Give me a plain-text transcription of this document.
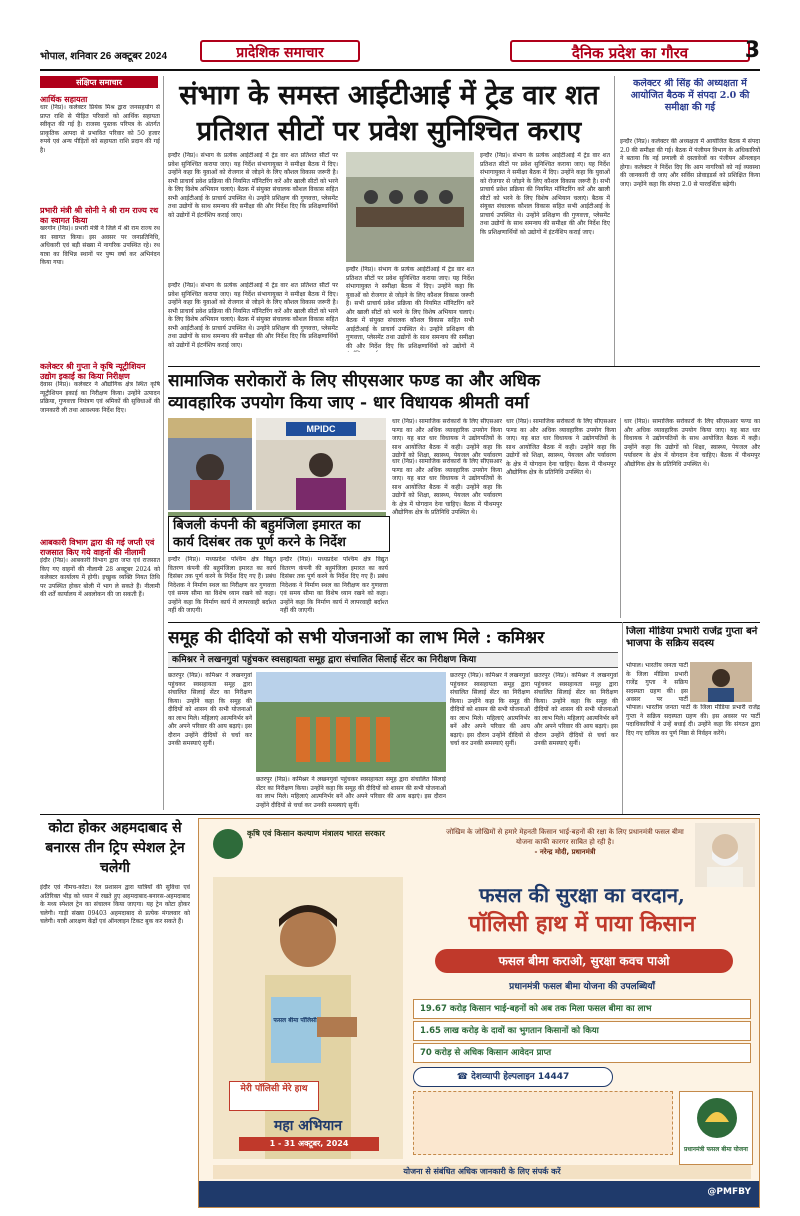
भोपाल, शनिवार 26 अक्टूबर 2024	प्रादेशिक समाचार	दैनिक प्रदेश का गौरव	3
संक्षिप्त समाचार
आर्थिक सहायता
धार (निप्र)। कलेक्टर प्रियंक मिश्र द्वारा जनसहयोग से प्राप्त राशि से पीड़ित परिवारों को आर्थिक सहायता स्वीकृत की गई है। राजस्व पुस्तक परिपत्र के अंतर्गत प्राकृतिक आपदा से प्रभावित परिवार को 50 हजार रुपये एवं अन्य पीड़ितों को सहायता राशि प्रदान की गई है।
प्रभारी मंत्री श्री सोनी ने श्री राम राज्य रथ का स्वागत किया
खरगोन (निप्र)। प्रभारी मंत्री ने जिले में श्री राम राज्य रथ का स्वागत किया। इस अवसर पर जनप्रतिनिधि, अधिकारी एवं बड़ी संख्या में नागरिक उपस्थित रहे। रथ यात्रा का विभिन्न स्थानों पर पुष्प वर्षा कर अभिनंदन किया गया।
कलेक्टर श्री गुप्ता ने कृषि न्यूट्रीशियन उद्योग इकाई का किया निरीक्षण
देवास (निप्र)। कलेक्टर ने औद्योगिक क्षेत्र स्थित कृषि न्यूट्रीशियन इकाई का निरीक्षण किया। उन्होंने उत्पादन प्रक्रिया, गुणवत्ता नियंत्रण एवं श्रमिकों की सुविधाओं की जानकारी ली तथा आवश्यक निर्देश दिए।
आबकारी विभाग द्वारा की गई जप्ती एवं राजसात किए गये वाहनों की नीलामी
इंदौर (निप्र)। आबकारी विभाग द्वारा जप्त एवं राजसात किए गए वाहनों की नीलामी 28 अक्टूबर 2024 को कलेक्टर कार्यालय में होगी। इच्छुक व्यक्ति नियत तिथि पर उपस्थित होकर बोली में भाग ले सकते हैं। नीलामी की शर्तें कार्यालय में अवलोकन की जा सकती हैं।
संभाग के समस्त आईटीआई में ट्रेड वार शत
प्रतिशत सीटों पर प्रवेश सुनिश्चित कराए
इन्दौर (निप्र)। संभाग के प्रत्येक आईटीआई में ट्रेड वार शत प्रतिशत सीटों पर प्रवेश सुनिश्चित कराया जाए। यह निर्देश संभागायुक्त ने समीक्षा बैठक में दिए। उन्होंने कहा कि युवाओं को रोजगार से जोड़ने के लिए कौशल विकास जरूरी है। सभी प्राचार्य प्रवेश प्रक्रिया की नियमित मॉनिटरिंग करें और खाली सीटों को भरने के लिए विशेष अभियान चलाएं। बैठक में संयुक्त संचालक कौशल विकास सहित सभी आईटीआई के प्राचार्य उपस्थित थे। उन्होंने प्रशिक्षण की गुणवत्ता, प्लेसमेंट तथा उद्योगों के साथ समन्वय की समीक्षा की और निर्देश दिए कि प्रशिक्षणार्थियों को उद्योगों में इंटर्नशिप कराई जाए।
इन्दौर (निप्र)। संभाग के प्रत्येक आईटीआई में ट्रेड वार शत प्रतिशत सीटों पर प्रवेश सुनिश्चित कराया जाए। यह निर्देश संभागायुक्त ने समीक्षा बैठक में दिए। उन्होंने कहा कि युवाओं को रोजगार से जोड़ने के लिए कौशल विकास जरूरी है। सभी प्राचार्य प्रवेश प्रक्रिया की नियमित मॉनिटरिंग करें और खाली सीटों को भरने के लिए विशेष अभियान चलाएं। बैठक में संयुक्त संचालक कौशल विकास सहित सभी आईटीआई के प्राचार्य उपस्थित थे। उन्होंने प्रशिक्षण की गुणवत्ता, प्लेसमेंट तथा उद्योगों के साथ समन्वय की समीक्षा की और निर्देश दिए कि प्रशिक्षणार्थियों को उद्योगों में
इन्दौर (निप्र)। संभाग के प्रत्येक आईटीआई में ट्रेड वार शत प्रतिशत सीटों पर प्रवेश सुनिश्चित कराया जाए। यह निर्देश संभागायुक्त ने समीक्षा बैठक में दिए। उन्होंने कहा कि युवाओं को रोजगार से जोड़ने के लिए कौशल विकास जरूरी है। सभी प्राचार्य प्रवेश प्रक्रिया की नियमित मॉनिटरिंग करें और खाली सीटों को भरने के लिए विशेष अभियान चलाएं। बैठक में संयुक्त संचालक कौशल विकास सहित सभी आईटीआई के प्राचार्य उपस्थित थे। उन्होंने प्रशिक्षण की गुणवत्ता, प्लेसमेंट तथा उद्योगों के साथ समन्वय की समीक्षा की और निर्देश दिए कि प्रशिक्षणार्थियों को उद्योगों में इंटर्नशिप कराई जाए।
इन्दौर (निप्र)। संभाग के प्रत्येक आईटीआई में ट्रेड वार शत प्रतिशत सीटों पर प्रवेश सुनिश्चित कराया जाए। यह निर्देश संभागायुक्त ने समीक्षा बैठक में दिए। उन्होंने कहा कि युवाओं को रोजगार से जोड़ने के लिए कौशल विकास जरूरी है। सभी प्राचार्य प्रवेश प्रक्रिया की नियमित मॉनिटरिंग करें और खाली सीटों को भरने के लिए विशेष अभियान चलाएं। बैठक में संयुक्त संचालक कौशल विकास सहित सभी आईटीआई के प्राचार्य उपस्थित थे। उन्होंने प्रशिक्षण की गुणवत्ता, प्लेसमेंट तथा उद्योगों के साथ समन्वय की समीक्षा की और निर्देश दिए कि प्रशिक्षणार्थियों को उद्योगों में इंटर्नशिप कराई जाए।
कलेक्टर श्री सिंह की अध्यक्षता में आयोजित बैठक में संपदा 2.0 की समीक्षा की गई
इन्दौर (निप्र)। कलेक्टर की अध्यक्षता में आयोजित बैठक में संपदा 2.0 की समीक्षा की गई। बैठक में पंजीयन विभाग के अधिकारियों ने बताया कि नई प्रणाली से दस्तावेजों का पंजीयन ऑनलाइन होगा। कलेक्टर ने निर्देश दिए कि आम नागरिकों को नई व्यवस्था की जानकारी दी जाए और सर्विस प्रोवाइडर्स को प्रशिक्षित किया जाए। उन्होंने कहा कि संपदा 2.0 से पारदर्शिता बढ़ेगी।
सामाजिक सरोकारों के लिए सीएसआर फण्ड का और अधिक
व्यावहारिक उपयोग किया जाए - धार विधायक श्रीमती वर्मा
धार (निप्र)। सामाजिक सरोकारों के लिए सीएसआर फण्ड का और अधिक व्यावहारिक उपयोग किया जाए। यह बात धार विधायक ने उद्योगपतियों के साथ आयोजित बैठक में कही। उन्होंने कहा कि उद्योगों को शिक्षा, स्वास्थ्य, पेयजल और पर्यावरण
MPIDC
धार (निप्र)। सामाजिक सरोकारों के लिए सीएसआर फण्ड का और अधिक व्यावहारिक उपयोग किया जाए। यह बात धार विधायक ने उद्योगपतियों के साथ आयोजित बैठक में कही। उन्होंने कहा कि उद्योगों को शिक्षा, स्वास्थ्य, पेयजल और पर्यावरण के क्षेत्र में योगदान देना चाहिए। बैठक में पीथमपुर औद्योगिक क्षेत्र के प्रतिनिधि उपस्थित थे।
धार (निप्र)। सामाजिक सरोकारों के लिए सीएसआर फण्ड का और अधिक व्यावहारिक उपयोग किया जाए। यह बात धार विधायक ने उद्योगपतियों के साथ आयोजित बैठक में कही। उन्होंने कहा कि उद्योगों को शिक्षा, स्वास्थ्य, पेयजल और पर्यावरण के क्षेत्र में योगदान देना चाहिए। बैठक में पीथमपुर औद्योगिक क्षेत्र के प्रतिनिधि उपस्थित थे।
धार (निप्र)। सामाजिक सरोकारों के लिए सीएसआर फण्ड का और अधिक व्यावहारिक उपयोग किया जाए। यह बात धार विधायक ने उद्योगपतियों के साथ आयोजित बैठक में कही। उन्होंने कहा कि उद्योगों को शिक्षा, स्वास्थ्य, पेयजल और पर्यावरण के क्षेत्र में योगदान देना चाहिए। बैठक में पीथमपुर औद्योगिक क्षेत्र के प्रतिनिधि उपस्थित थे।
बिजली कंपनी की बहुमंजिला इमारत का
कार्य दिसंबर तक पूर्ण करने के निर्देश
इन्दौर (निप्र)। मध्यप्रदेश पश्चिम क्षेत्र विद्युत वितरण कंपनी की बहुमंजिला इमारत का कार्य दिसंबर तक पूर्ण करने के निर्देश दिए गए हैं। प्रबंध निदेशक ने निर्माण स्थल का निरीक्षण कर गुणवत्ता एवं समय सीमा का विशेष ध्यान रखने को कहा। उन्होंने कहा कि निर्माण कार्य में लापरवाही बर्दाश्त नहीं की जाएगी।
इन्दौर (निप्र)। मध्यप्रदेश पश्चिम क्षेत्र विद्युत वितरण कंपनी की बहुमंजिला इमारत का कार्य दिसंबर तक पूर्ण करने के निर्देश दिए गए हैं। प्रबंध निदेशक ने निर्माण स्थल का निरीक्षण कर गुणवत्ता एवं समय सीमा का विशेष ध्यान रखने को कहा। उन्होंने कहा कि निर्माण कार्य में लापरवाही बर्दाश्त नहीं की जाएगी।
समूह की दीदियों को सभी योजनाओं का लाभ मिले : कमिश्नर
कमिश्नर ने लखनगुवां पहुंचकर स्वसहायता समूह द्वारा संचालित सिलाई सेंटर का निरीक्षण किया
छतरपुर (निप्र)। कमिश्नर ने लखनगुवां पहुंचकर स्वसहायता समूह द्वारा संचालित सिलाई सेंटर का निरीक्षण किया। उन्होंने कहा कि समूह की दीदियों को शासन की सभी योजनाओं का लाभ मिले। महिलाएं आत्मनिर्भर बनें और अपने परिवार की आय बढ़ाएं। इस दौरान उन्होंने दीदियों से चर्चा कर उनकी समस्याएं सुनीं।
छतरपुर (निप्र)। कमिश्नर ने लखनगुवां पहुंचकर स्वसहायता समूह द्वारा संचालित सिलाई सेंटर का निरीक्षण किया। उन्होंने कहा कि समूह की दीदियों को शासन की सभी योजनाओं का लाभ मिले। महिलाएं आत्मनिर्भर बनें और अपने परिवार की आय बढ़ाएं। इस दौरान उन्होंने दीदियों से चर्चा कर उनकी समस्याएं सुनीं।
छतरपुर (निप्र)। कमिश्नर ने लखनगुवां पहुंचकर स्वसहायता समूह द्वारा संचालित सिलाई सेंटर का निरीक्षण किया। उन्होंने कहा कि समूह की दीदियों को शासन की सभी योजनाओं का लाभ मिले। महिलाएं आत्मनिर्भर बनें और अपने परिवार की आय बढ़ाएं। इस दौरान उन्होंने दीदियों से चर्चा कर उनकी समस्याएं सुनीं।
छतरपुर (निप्र)। कमिश्नर ने लखनगुवां पहुंचकर स्वसहायता समूह द्वारा संचालित सिलाई सेंटर का निरीक्षण किया। उन्होंने कहा कि समूह की दीदियों को शासन की सभी योजनाओं का लाभ मिले। महिलाएं आत्मनिर्भर बनें और अपने परिवार की आय बढ़ाएं। इस दौरान उन्होंने दीदियों से चर्चा कर उनकी समस्याएं सुनीं।
जिला मीडिया प्रभारी राजेंद्र गुप्ता बने भाजपा के सक्रिय सदस्य
भोपाल। भारतीय जनता पार्टी के जिला मीडिया प्रभारी राजेंद्र गुप्ता ने सक्रिय सदस्यता ग्रहण की। इस अवसर पर पार्टी
भोपाल। भारतीय जनता पार्टी के जिला मीडिया प्रभारी राजेंद्र गुप्ता ने सक्रिय सदस्यता ग्रहण की। इस अवसर पर पार्टी पदाधिकारियों ने उन्हें बधाई दी। उन्होंने कहा कि संगठन द्वारा दिए गए दायित्व का पूर्ण निष्ठा से निर्वहन करेंगे।
कोटा होकर अहमदाबाद से बनारस तीन ट्रिप स्पेशल ट्रेन चलेगी
इंदौर एवं नीमच-कोटा। रेल प्रशासन द्वारा यात्रियों की सुविधा एवं अतिरिक्त भीड़ को ध्यान में रखते हुए अहमदाबाद-बनारस-अहमदाबाद के मध्य स्पेशल ट्रेन का संचालन किया जाएगा। यह ट्रेन कोटा होकर चलेगी। गाड़ी संख्या 09403 अहमदाबाद से प्रत्येक मंगलवार को चलेगी। यात्री आरक्षण केंद्रों एवं ऑनलाइन टिकट बुक कर सकते हैं।
कृषि एवं किसान कल्याण मंत्रालय भारत सरकार	जोखिम के जोखिमों से हमारे मेहनती किसान भाई-बहनों की रक्षा के लिए प्रधानमंत्री फसल बीमा योजना काफी कारगर साबित हो रही है।
- नरेन्द्र मोदी, प्रधानमंत्री
फसल बीमा पॉलिसी
फसल की सुरक्षा का वरदान,
पॉलिसी हाथ में पाया किसान
फसल बीमा कराओ, सुरक्षा कवच पाओ
प्रधानमंत्री फसल बीमा योजना की उपलब्धियाँ
19.67 करोड़ किसान भाई-बहनों को अब तक मिला फसल बीमा का लाभ
1.65 लाख करोड़ के दावों का भुगतान किसानों को किया
70 करोड़ से अधिक किसान आवेदन प्राप्त
☎ देशव्यापी हेल्पलाइन 14447
मेरी पॉलिसी मेरे हाथ
महा अभियान
1 - 31 अक्टूबर, 2024
प्रधानमंत्री फसल बीमा योजना
योजना से संबंधित अधिक जानकारी के लिए संपर्क करें
@PMFBY
